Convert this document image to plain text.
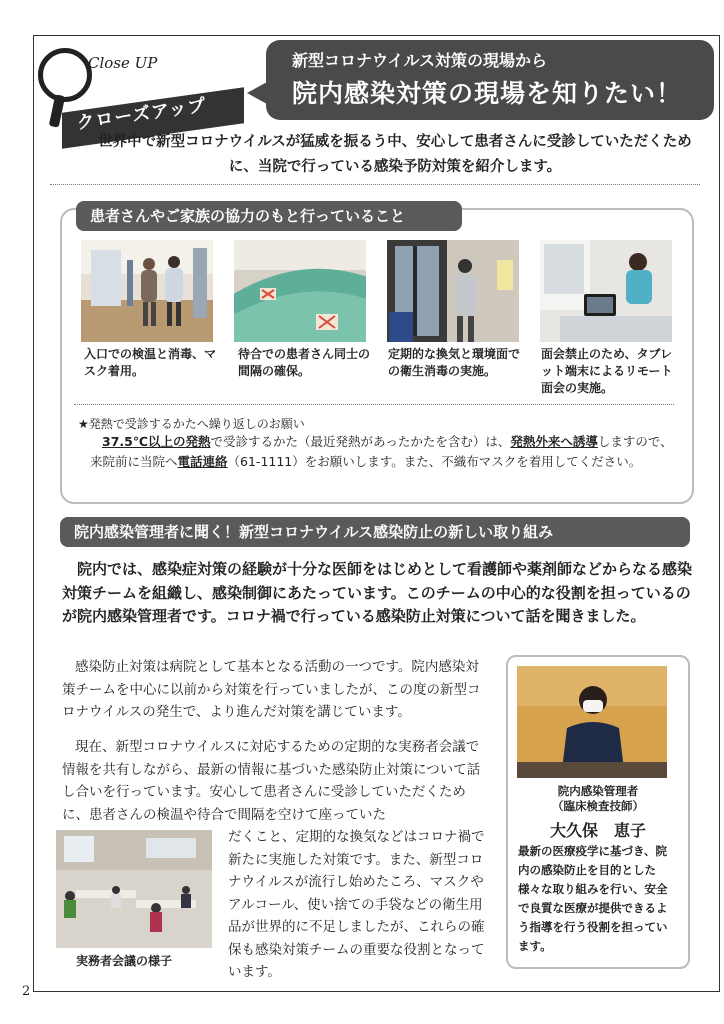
Close UP
クローズアップ
新型コロナウイルス対策の現場から
院内感染対策の現場を知りたい！
世界中で新型コロナウイルスが猛威を振るう中、安心して患者さんに受診していただくために、当院で行っている感染予防対策を紹介します。
患者さんやご家族の協力のもと行っていること
入口での検温と消毒、マスク着用。
待合での患者さん同士の間隔の確保。
定期的な換気と環境面での衛生消毒の実施。
面会禁止のため、タブレット端末によるリモート面会の実施。
★発熱で受診するかたへ繰り返しのお願い
37.5℃以上の発熱で受診するかた（最近発熱があったかたを含む）は、発熱外来へ誘導しますので、来院前に当院へ電話連絡（61-1111）をお願いします。また、不織布マスクを着用してください。
院内感染管理者に聞く！新型コロナウイルス感染防止の新しい取り組み
院内では、感染症対策の経験が十分な医師をはじめとして看護師や薬剤師などからなる感染対策チームを組織し、感染制御にあたっています。このチームの中心的な役割を担っているのが院内感染管理者です。コロナ禍で行っている感染防止対策について話を聞きました。
感染防止対策は病院として基本となる活動の一つです。院内感染対策チームを中心に以前から対策を行っていましたが、この度の新型コロナウイルスの発生で、より進んだ対策を講じています。
現在、新型コロナウイルスに対応するための定期的な実務者会議で情報を共有しながら、最新の情報に基づいた感染防止対策について話し合いを行っています。安心して患者さんに受診していただくために、患者さんの検温や待合で間隔を空けて座っていた
だくこと、定期的な換気などはコロナ禍で新たに実施した対策です。また、新型コロナウイルスが流行し始めたころ、マスクやアルコール、使い捨ての手袋などの衛生用品が世界的に不足しましたが、これらの確保も感染対策チームの重要な役割となっています。
実務者会議の様子
院内感染管理者
（臨床検査技師）
大久保　恵子
最新の医療疫学に基づき、院内の感染防止を目的とした様々な取り組みを行い、安全で良質な医療が提供できるよう指導を行う役割を担っています。
2
